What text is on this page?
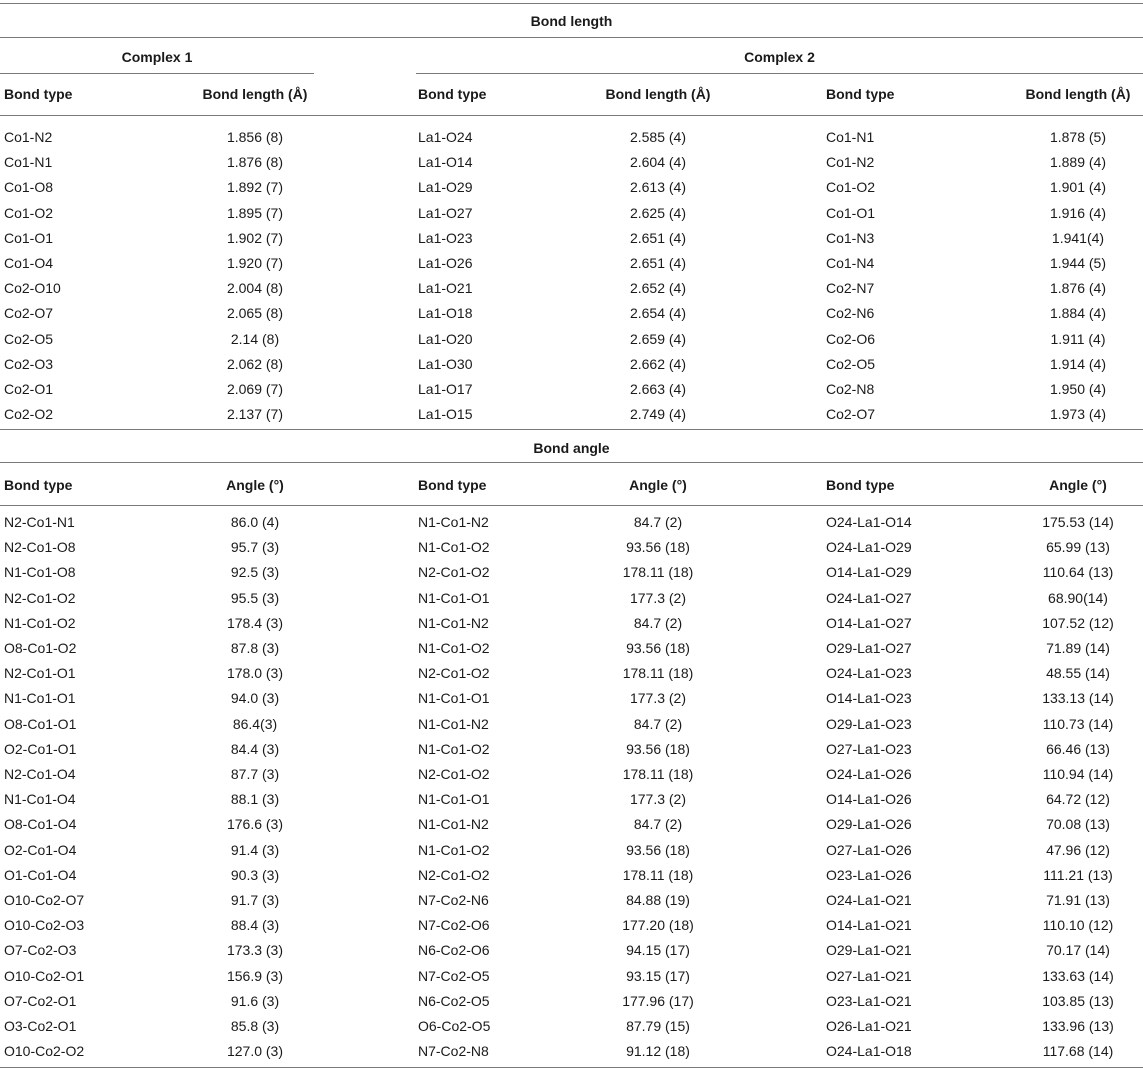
Bond length
Complex 1	Complex 2
Bond angle
Bond type	Bond length (Å)	Bond type	Bond length (Å)	Bond type	Bond length (Å)
Co1-N2	1.856 (8)	La1-O24	2.585 (4)	Co1-N1	1.878 (5)
Co1-N1	1.876 (8)	La1-O14	2.604 (4)	Co1-N2	1.889 (4)
Co1-O8	1.892 (7)	La1-O29	2.613 (4)	Co1-O2	1.901 (4)
Co1-O2	1.895 (7)	La1-O27	2.625 (4)	Co1-O1	1.916 (4)
Co1-O1	1.902 (7)	La1-O23	2.651 (4)	Co1-N3	1.941(4)
Co1-O4	1.920 (7)	La1-O26	2.651 (4)	Co1-N4	1.944 (5)
Co2-O10	2.004 (8)	La1-O21	2.652 (4)	Co2-N7	1.876 (4)
Co2-O7	2.065 (8)	La1-O18	2.654 (4)	Co2-N6	1.884 (4)
Co2-O5	2.14 (8)	La1-O20	2.659 (4)	Co2-O6	1.911 (4)
Co2-O3	2.062 (8)	La1-O30	2.662 (4)	Co2-O5	1.914 (4)
Co2-O1	2.069 (7)	La1-O17	2.663 (4)	Co2-N8	1.950 (4)
Co2-O2	2.137 (7)	La1-O15	2.749 (4)	Co2-O7	1.973 (4)
Bond type	Angle (°)	Bond type	Angle (°)	Bond type	Angle (°)
N2-Co1-N1	86.0 (4)	N1-Co1-N2	84.7 (2)	O24-La1-O14	175.53 (14)
N2-Co1-O8	95.7 (3)	N1-Co1-O2	93.56 (18)	O24-La1-O29	65.99 (13)
N1-Co1-O8	92.5 (3)	N2-Co1-O2	178.11 (18)	O14-La1-O29	110.64 (13)
N2-Co1-O2	95.5 (3)	N1-Co1-O1	177.3 (2)	O24-La1-O27	68.90(14)
N1-Co1-O2	178.4 (3)	N1-Co1-N2	84.7 (2)	O14-La1-O27	107.52 (12)
O8-Co1-O2	87.8 (3)	N1-Co1-O2	93.56 (18)	O29-La1-O27	71.89 (14)
N2-Co1-O1	178.0 (3)	N2-Co1-O2	178.11 (18)	O24-La1-O23	48.55 (14)
N1-Co1-O1	94.0 (3)	N1-Co1-O1	177.3 (2)	O14-La1-O23	133.13 (14)
O8-Co1-O1	86.4(3)	N1-Co1-N2	84.7 (2)	O29-La1-O23	110.73 (14)
O2-Co1-O1	84.4 (3)	N1-Co1-O2	93.56 (18)	O27-La1-O23	66.46 (13)
N2-Co1-O4	87.7 (3)	N2-Co1-O2	178.11 (18)	O24-La1-O26	110.94 (14)
N1-Co1-O4	88.1 (3)	N1-Co1-O1	177.3 (2)	O14-La1-O26	64.72 (12)
O8-Co1-O4	176.6 (3)	N1-Co1-N2	84.7 (2)	O29-La1-O26	70.08 (13)
O2-Co1-O4	91.4 (3)	N1-Co1-O2	93.56 (18)	O27-La1-O26	47.96 (12)
O1-Co1-O4	90.3 (3)	N2-Co1-O2	178.11 (18)	O23-La1-O26	111.21 (13)
O10-Co2-O7	91.7 (3)	N7-Co2-N6	84.88 (19)	O24-La1-O21	71.91 (13)
O10-Co2-O3	88.4 (3)	N7-Co2-O6	177.20 (18)	O14-La1-O21	110.10 (12)
O7-Co2-O3	173.3 (3)	N6-Co2-O6	94.15 (17)	O29-La1-O21	70.17 (14)
O10-Co2-O1	156.9 (3)	N7-Co2-O5	93.15 (17)	O27-La1-O21	133.63 (14)
O7-Co2-O1	91.6 (3)	N6-Co2-O5	177.96 (17)	O23-La1-O21	103.85 (13)
O3-Co2-O1	85.8 (3)	O6-Co2-O5	87.79 (15)	O26-La1-O21	133.96 (13)
O10-Co2-O2	127.0 (3)	N7-Co2-N8	91.12 (18)	O24-La1-O18	117.68 (14)
